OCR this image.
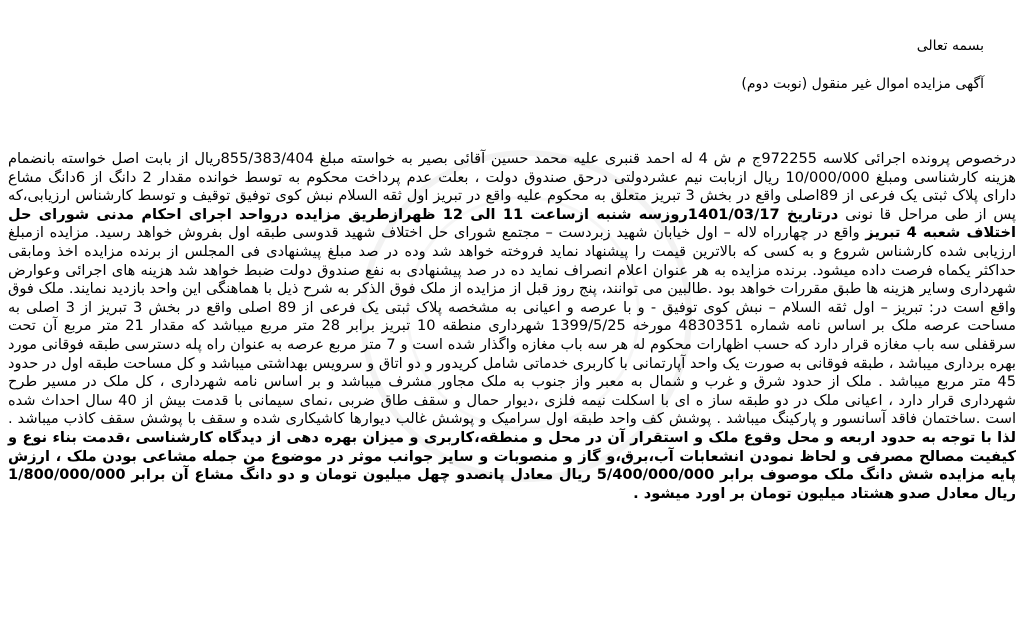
بسمه تعالی

آگهی مزایده اموال غیر منقول (نوبت دوم)

درخصوص پرونده اجرائی کلاسه 972255ج م ش 4 له احمد قنبری علیه محمد حسین آقائی بصیر به خواسته مبلغ 855/383/404ریال از بابت اصل خواسته بانضمام هزینه کارشناسی ومبلغ 10/000/000 ریال ازبابت نیم عشردولتی درحق صندوق دولت ، بعلت عدم پرداخت محکوم به توسط خوانده مقدار 2 دانگ از 6دانگ مشاع دارای پلاک ثبتی یک فرعی از 89اصلی واقع در بخش 3 تبریز متعلق به محکوم علیه واقع در تبریز اول ثقه السلام نبش کوی توفیق توقیف و توسط کارشناس ارزیابی،که پس از طی مراحل قا نونی درتاریخ 1401/03/17روزسه شنبه ازساعت 11 الی 12 ظهرازطریق مزایده درواحد اجرای احکام مدنی شورای حل اختلاف شعبه 4 تبریز واقع در چهارراه لاله – اول خیابان شهید زبردست – مجتمع شورای حل اختلاف شهید قدوسی طبقه اول بفروش خواهد رسید. مزایده ازمبلغ ارزیابی شده کارشناس شروع و به کسی که بالاترین قیمت را پیشنهاد نماید فروخته خواهد شد وده در صد مبلغ پیشنهادی فی المجلس از برنده مزایده اخذ ومابقی حداکثر یکماه فرصت داده میشود. برنده مزایده به هر عنوان اعلام انصراف نماید ده در صد پیشنهادی به نفع صندوق دولت ضبط خواهد شد هزینه های اجرائی وعوارض شهرداری وسایر هزینه ها طبق مقررات خواهد بود .طالبین می توانند، پنج روز قبل از مزایده از ملک فوق الذکر به شرح ذیل با هماهنگی این واحد بازدید نمایند. ملک فوق واقع است در: تبریز – اول ثقه السلام – نبش کوی توفیق - و با عرصه و اعیانی به مشخصه پلاک ثبتی یک فرعی از 89 اصلی واقع در بخش 3 تبریز از 3 اصلی به مساحت عرصه ملک بر اساس نامه شماره 4830351 مورخه 1399/5/25 شهرداری منطقه 10 تبریز برابر 28 متر مربع میباشد که مقدار 21 متر مربع آن تحت سرقفلی سه باب مغازه قرار دارد که حسب اظهارات محکوم له هر سه باب مغازه واگذار شده است و 7 متر مربع عرصه به عنوان راه پله دسترسی طبقه فوقانی مورد بهره برداری میباشد ، طبقه فوقانی به صورت یک واحد آپارتمانی با کاربری خدماتی شامل کریدور و دو اتاق و سرویس بهداشتی میباشد و کل مساحت طبقه اول در حدود 45 متر مربع میباشد . ملک از حدود شرق و غرب و شمال به معبر واز جنوب به ملک مجاور مشرف میباشد و بر اساس نامه شهرداری ، کل ملک در مسیر طرح شهرداری قرار دارد ، اعیانی ملک در دو طبقه ساز ه ای با اسکلت نیمه فلزی ،دیوار حمال و سقف طاق ضربی ،نمای سیمانی با قدمت بیش از 40 سال احداث شده است .ساختمان فاقد آسانسور و پارکینگ میباشد . پوشش کف واحد طبقه اول سرامیک و پوشش غالب دیوارها کاشیکاری شده و سقف با پوشش سقف کاذب میباشد . لذا با توجه به حدود اربعه و محل وقوع ملک و استقرار آن در محل و منطقه،کاربری و میزان بهره دهی از دیدگاه کارشناسی ،قدمت بناء نوع و کیفیت مصالح مصرفی و لحاظ نمودن انشعابات آب،برق،و گاز و منصوبات و سایر جوانب موثر در موضوع من جمله مشاعی بودن ملک ، ارزش پایه مزایده شش دانگ ملک موصوف برابر 5/400/000/000 ریال معادل پانصدو چهل میلیون تومان و دو دانگ مشاع آن برابر 1/800/000/000 ریال معادل صدو هشتاد میلیون تومان بر اورد میشود .
